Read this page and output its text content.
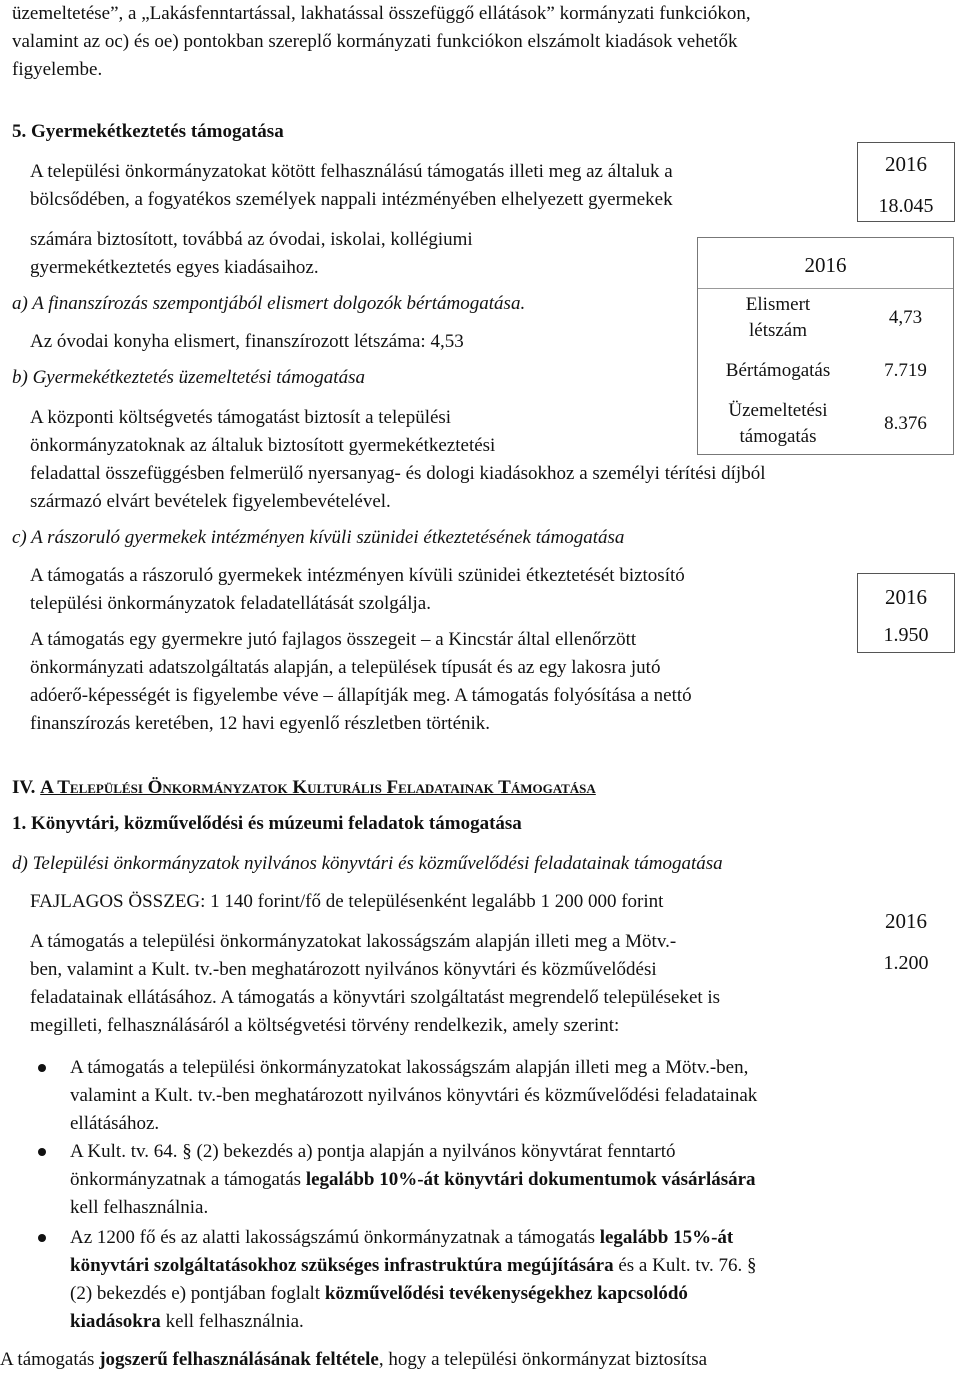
üzemeltetése”, a „Lakásfenntartással, lakhatással összefüggő ellátások” kormányzati funkciókon,
valamint az oc) és oe) pontokban szereplő kormányzati funkciókon elszámolt kiadások vehetők
figyelembe.
5. Gyermekétkeztetés támogatása
A települési önkormányzatokat kötött felhasználású támogatás illeti meg az általuk a
bölcsődében, a fogyatékos személyek nappali intézményében elhelyezett gyermekek
számára biztosított, továbbá az óvodai, iskolai, kollégiumi
gyermekétkeztetés egyes kiadásaihoz.
2016
18.045
a) A finanszírozás szempontjából elismert dolgozók bértámogatása.
Az óvodai konyha elismert, finanszírozott létszáma: 4,53
b) Gyermekétkeztetés üzemeltetési támogatása
A központi költségvetés támogatást biztosít a települési
önkormányzatoknak az általuk biztosított gyermekétkeztetési
feladattal összefüggésben felmerülő nyersanyag- és dologi kiadásokhoz a személyi térítési díjból
származó elvárt bevételek figyelembevételével.
2016
Elismert
létszám
4,73
Bértámogatás	7.719
Üzemeltetési
támogatás
8.376
c) A rászoruló gyermekek intézményen kívüli szünidei étkeztetésének támogatása
A támogatás a rászoruló gyermekek intézményen kívüli szünidei étkeztetését biztosító
települési önkormányzatok feladatellátását szolgálja.
A támogatás egy gyermekre jutó fajlagos összegeit – a Kincstár által ellenőrzött
önkormányzati adatszolgáltatás alapján, a települések típusát és az egy lakosra jutó
adóerő-képességét is figyelembe véve – állapítják meg. A támogatás folyósítása a nettó
finanszírozás keretében, 12 havi egyenlő részletben történik.
2016
1.950
IV. A Települési Önkormányzatok Kulturális Feladatainak Támogatása
1. Könyvtári, közművelődési és múzeumi feladatok támogatása
d) Települési önkormányzatok nyilvános könyvtári és közművelődési feladatainak támogatása
FAJLAGOS ÖSSZEG: 1 140 forint/fő de településenként legalább 1 200 000 forint
A támogatás a települési önkormányzatokat lakosságszám alapján illeti meg a Mötv.-
ben, valamint a Kult. tv.-ben meghatározott nyilvános könyvtári és közművelődési
feladatainak ellátásához. A támogatás a könyvtári szolgáltatást megrendelő településeket is
megilleti, felhasználásáról a költségvetési törvény rendelkezik, amely szerint:
2016
1.200
A támogatás a települési önkormányzatokat lakosságszám alapján illeti meg a Mötv.-ben,
valamint a Kult. tv.-ben meghatározott nyilvános könyvtári és közművelődési feladatainak
ellátásához.
A Kult. tv. 64. § (2) bekezdés a) pontja alapján a nyilvános könyvtárat fenntartó
önkormányzatnak a támogatás legalább 10%-át könyvtári dokumentumok vásárlására
kell felhasználnia.
Az 1200 fő és az alatti lakosságszámú önkormányzatnak a támogatás legalább 15%-át
könyvtári szolgáltatásokhoz szükséges infrastruktúra megújítására és a Kult. tv. 76. §
(2) bekezdés e) pontjában foglalt közművelődési tevékenységekhez kapcsolódó
kiadásokra kell felhasználnia.
A támogatás jogszerű felhasználásának feltétele, hogy a települési önkormányzat biztosítsa
